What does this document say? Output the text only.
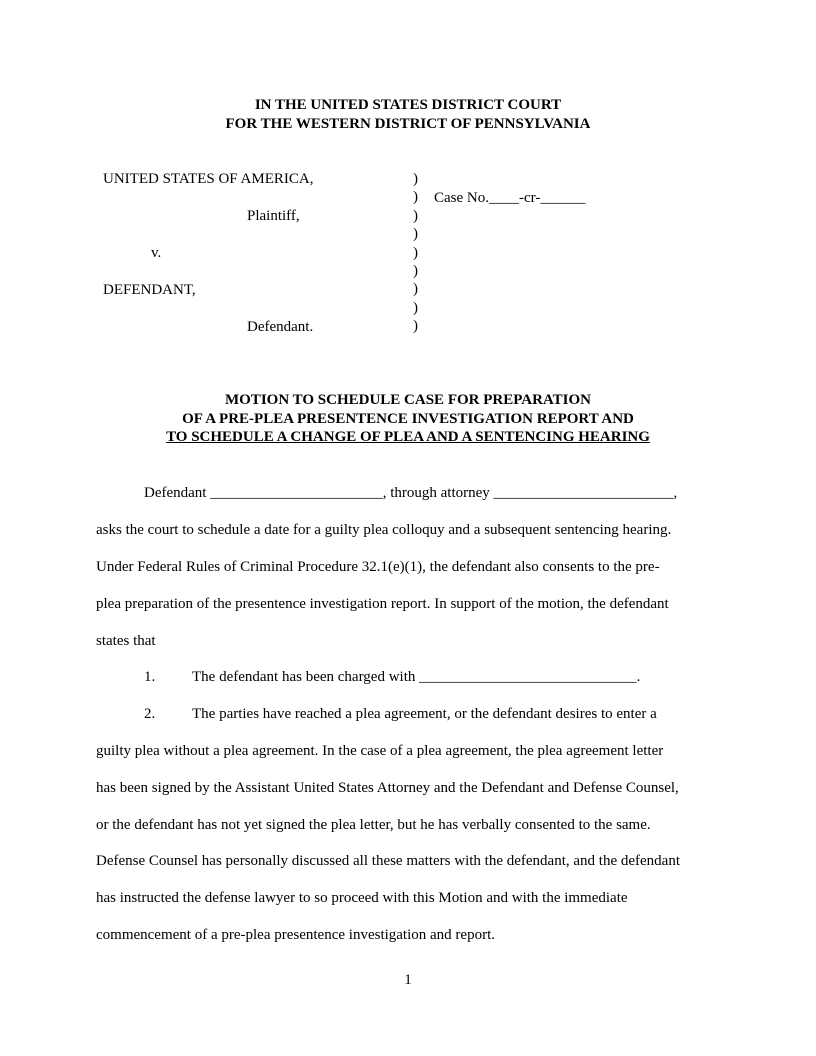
IN THE UNITED STATES DISTRICT COURT
FOR THE WESTERN DISTRICT OF PENNSYLVANIA
UNITED STATES OF AMERICA,
Plaintiff,
v.
DEFENDANT,
Defendant.
)
)
)
)
)
)
)
)
)
Case No.____-cr-______
MOTION TO SCHEDULE CASE FOR PREPARATION
OF A PRE-PLEA PRESENTENCE INVESTIGATION REPORT AND
TO SCHEDULE A CHANGE OF PLEA AND A SENTENCING HEARING
Defendant _______________________, through attorney ________________________,
asks the court to schedule a date for a guilty plea colloquy and a subsequent sentencing hearing.
Under Federal Rules of Criminal Procedure 32.1(e)(1), the defendant also consents to the pre-
plea preparation of the presentence investigation report. In support of the motion, the defendant
states that
1. The defendant has been charged with _____________________________.
2. The parties have reached a plea agreement, or the defendant desires to enter a
guilty plea without a plea agreement. In the case of a plea agreement, the plea agreement letter
has been signed by the Assistant United States Attorney and the Defendant and Defense Counsel,
or the defendant has not yet signed the plea letter, but he has verbally consented to the same.
Defense Counsel has personally discussed all these matters with the defendant, and the defendant
has instructed the defense lawyer to so proceed with this Motion and with the immediate
commencement of a pre-plea presentence investigation and report.
1
